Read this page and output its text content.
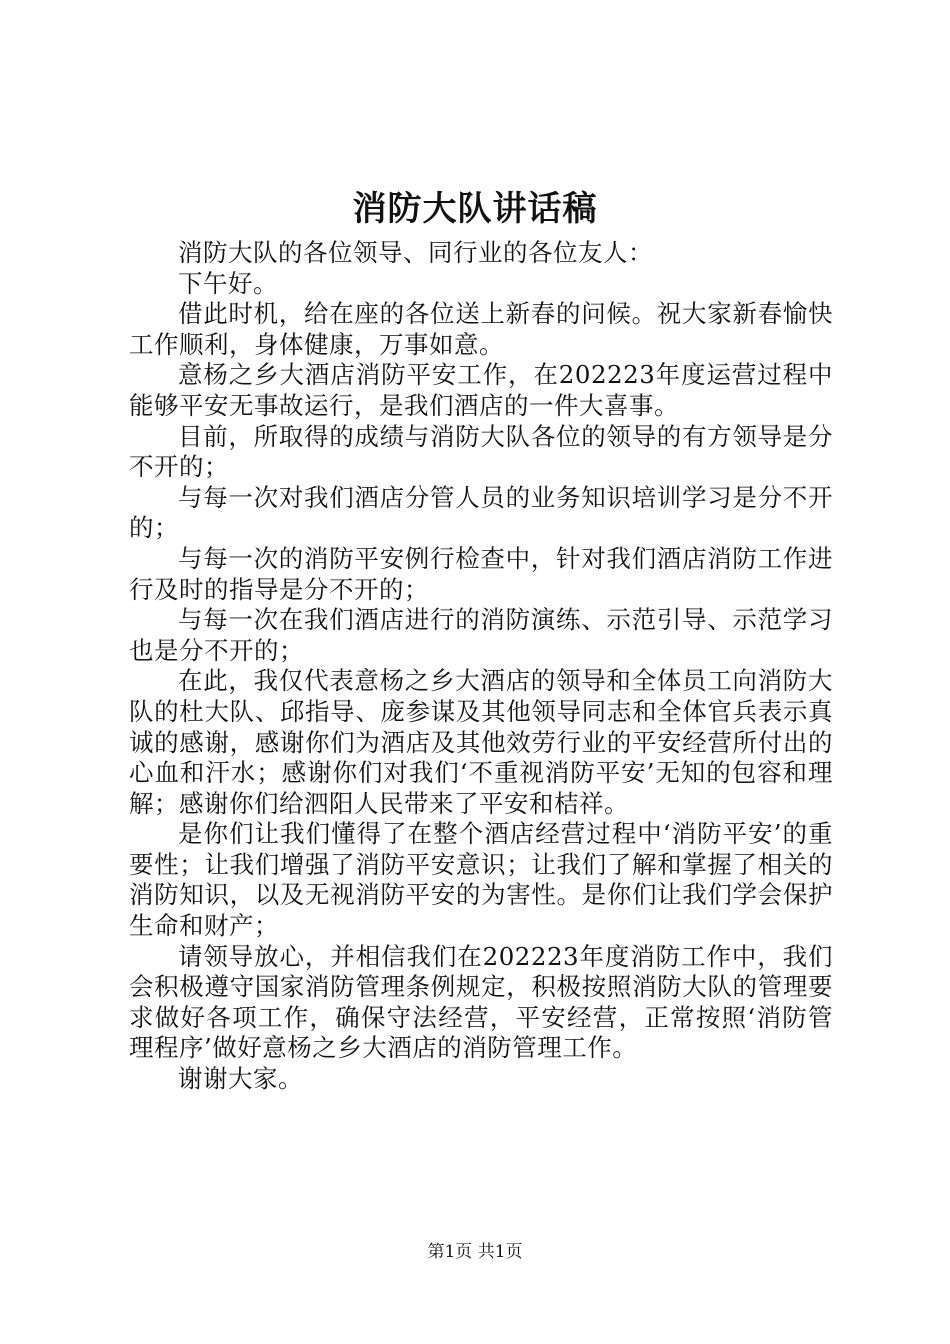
消防大队讲话稿

消防大队的各位领导、同行业的各位友人：

下午好。

借此时机，给在座的各位送上新春的问候。祝大家新春愉快工作顺利，身体健康，万事如意。

意杨之乡大酒店消防平安工作，在202223年度运营过程中能够平安无事故运行，是我们酒店的一件大喜事。

目前，所取得的成绩与消防大队各位的领导的有方领导是分不开的；

与每一次对我们酒店分管人员的业务知识培训学习是分不开的；

与每一次的消防平安例行检查中，针对我们酒店消防工作进行及时的指导是分不开的；

与每一次在我们酒店进行的消防演练、示范引导、示范学习也是分不开的；

在此，我仅代表意杨之乡大酒店的领导和全体员工向消防大队的杜大队、邱指导、庞参谋及其他领导同志和全体官兵表示真诚的感谢，感谢你们为酒店及其他效劳行业的平安经营所付出的心血和汗水；感谢你们对我们‘不重视消防平安’无知的包容和理解；感谢你们给泗阳人民带来了平安和桔祥。

是你们让我们懂得了在整个酒店经营过程中‘消防平安’的重要性；让我们增强了消防平安意识；让我们了解和掌握了相关的消防知识，以及无视消防平安的为害性。是你们让我们学会保护生命和财产；

请领导放心，并相信我们在202223年度消防工作中，我们会积极遵守国家消防管理条例规定，积极按照消防大队的管理要求做好各项工作，确保守法经营，平安经营，正常按照‘消防管理程序’做好意杨之乡大酒店的消防管理工作。

谢谢大家。

第1页 共1页
